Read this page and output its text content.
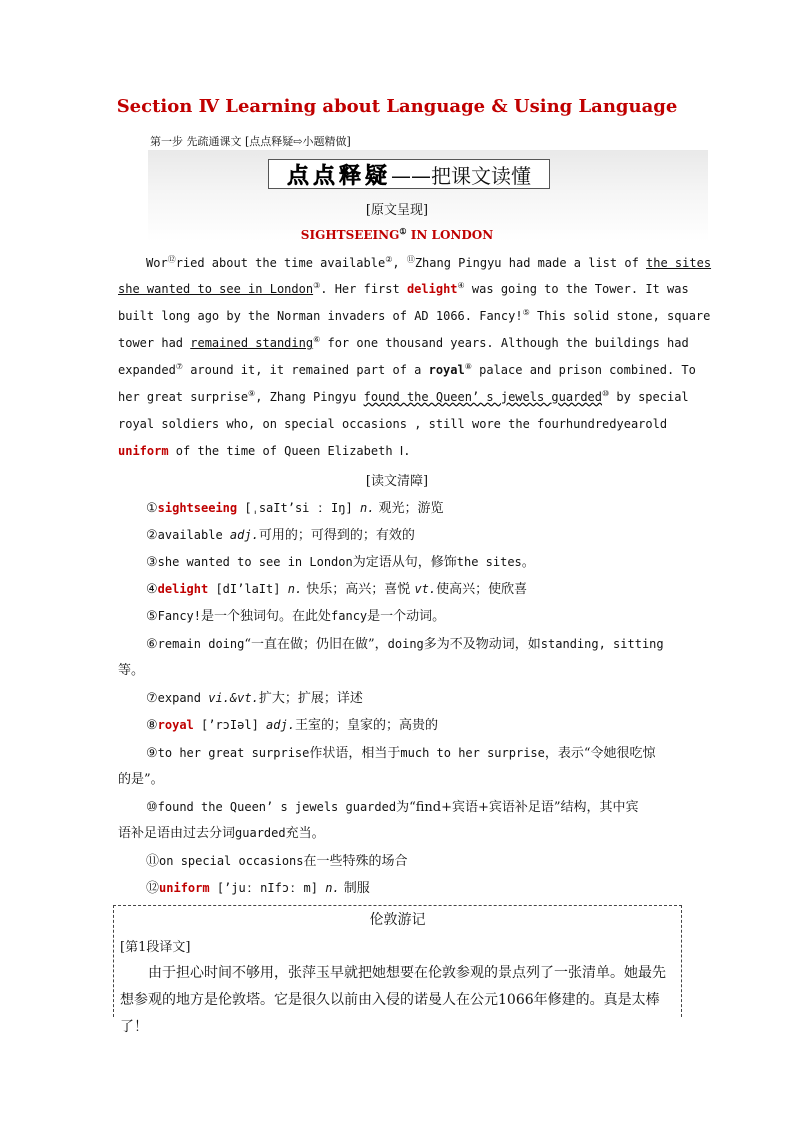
Section Ⅳ Learning about Language & Using Language
第一步 先疏通课文 [点点释疑⇨小题精做]
点点释疑 ——把课文读懂
[原文呈现]
SIGHTSEEING① IN LONDON
Wor⑫ried about the time available②, ⑪Zhang Pingyu had made a list of the sites
she wanted to see in London③. Her first delight④ was going to the Tower. It was
built long ago by the Norman invaders of AD 1066. Fancy!⑤ This solid stone, square
tower had remained standing⑥ for one thousand years. Although the buildings had
expanded⑦ around it, it remained part of a royal⑧ palace and prison combined. To
her great surprise⑨, Zhang Pingyu found the Queen’ s jewels guarded⑩ by special
royal soldiers who, on special occasions , still wore the fourhundredyearold
uniform of the time of Queen Elizabeth Ⅰ.
[读文清障]
①sightseeing [ˌsaIt’si ː Iŋ] n. 观光；游览
②available adj.可用的；可得到的；有效的
③she wanted to see in London为定语从句，修饰the sites。
④delight [dI’laIt] n. 快乐；高兴；喜悦 vt.使高兴；使欣喜
⑤Fancy!是一个独词句。在此处fancy是一个动词。
⑥remain doing“一直在做；仍旧在做”，doing多为不及物动词，如standing, sitting
等。
⑦expand vi.&vt.扩大；扩展；详述
⑧royal [’rɔIəl] adj.王室的；皇家的；高贵的
⑨to her great surprise作状语，相当于much to her surprise，表示“令她很吃惊
的是”。
⑩found the Queen’ s jewels guarded为“find+宾语+宾语补足语”结构，其中宾
语补足语由过去分词guarded充当。
⑪on special occasions在一些特殊的场合
⑫uniform [’juː nIfɔː m] n. 制服
伦敦游记
[第1段译文]
由于担心时间不够用，张萍玉早就把她想要在伦敦参观的景点列了一张清单。她最先想参观的地方是伦敦塔。它是很久以前由入侵的诺曼人在公元1066年修建的。真是太棒了！
